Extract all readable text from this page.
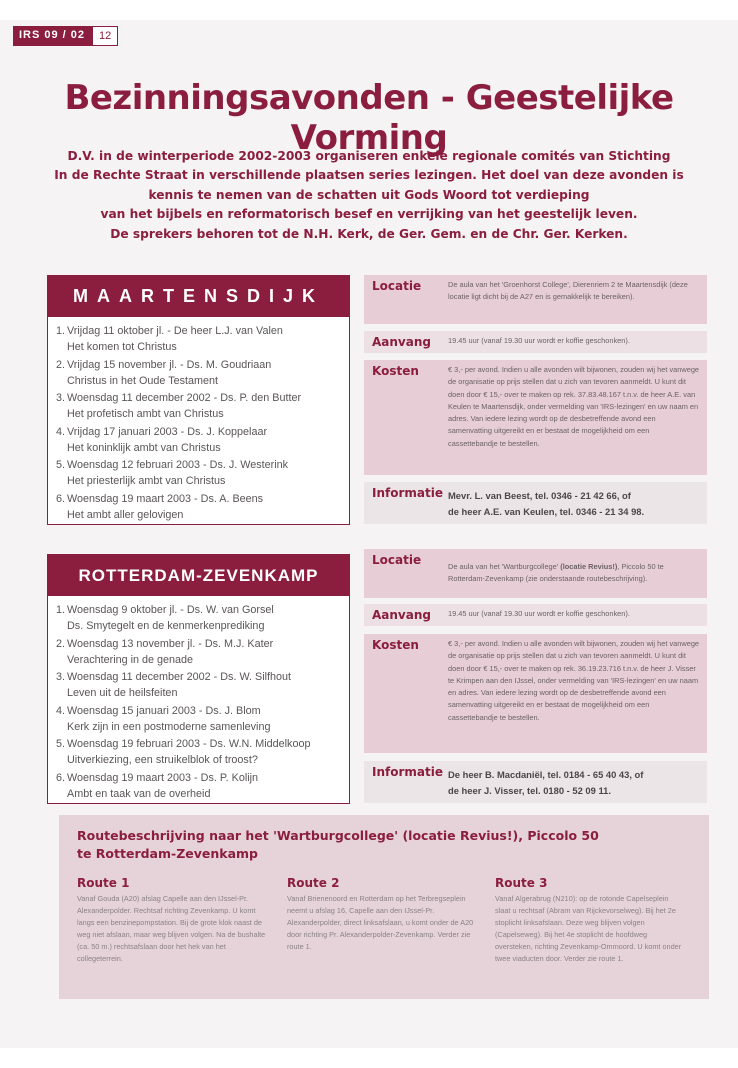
IRS 09 / 02	12
Bezinningsavonden - Geestelijke Vorming
D.V. in de winterperiode 2002-2003 organiseren enkele regionale comités van Stichting
In de Rechte Straat in verschillende plaatsen series lezingen. Het doel van deze avonden is
kennis te nemen van de schatten uit Gods Woord tot verdieping
van het bijbels en reformatorisch besef en verrijking van het geestelijk leven.
De sprekers behoren tot de N.H. Kerk, de Ger. Gem. en de Chr. Ger. Kerken.
MAARTENSDIJK
1. Vrijdag 11 oktober jl. - De heer L.J. van Valen
Het komen tot Christus
2. Vrijdag 15 november jl. - Ds. M. Goudriaan
Christus in het Oude Testament
3. Woensdag 11 december 2002 - Ds. P. den Butter
Het profetisch ambt van Christus
4. Vrijdag 17 januari 2003 - Ds. J. Koppelaar
Het koninklijk ambt van Christus
5. Woensdag 12 februari 2003 - Ds. J. Westerink
Het priesterlijk ambt van Christus
6. Woensdag 19 maart 2003 - Ds. A. Beens
Het ambt aller gelovigen
Locatie	De aula van het 'Groenhorst College', Dierenriem 2 te Maartensdijk (deze locatie ligt dicht bij de A27 en is gemakkelijk te bereiken).
Aanvang	19.45 uur (vanaf 19.30 uur wordt er koffie geschonken).
Kosten	€ 3,- per avond. Indien u alle avonden wilt bijwonen, zouden wij het vanwege de organisatie op prijs stellen dat u zich van tevoren aanmeldt. U kunt dit doen door € 15,- over te maken op rek. 37.83.48.167 t.n.v. de heer A.E. van Keulen te Maartensdijk, onder vermelding van 'IRS-lezingen' en uw naam en adres. Van iedere lezing wordt op de desbetreffende avond een samenvatting uitgereikt en er bestaat de mogelijkheid om een cassettebandje te bestellen.
Informatie Mevr. L. van Beest, tel. 0346 - 21 42 66, of
de heer A.E. van Keulen, tel. 0346 - 21 34 98.
ROTTERDAM-ZEVENKAMP
1. Woensdag 9 oktober jl. - Ds. W. van Gorsel
Ds. Smytegelt en de kenmerkenprediking
2. Woensdag 13 november jl. - Ds. M.J. Kater
Verachtering in de genade
3. Woensdag 11 december 2002 - Ds. W. Silfhout
Leven uit de heilsfeiten
4. Woensdag 15 januari 2003 - Ds. J. Blom
Kerk zijn in een postmoderne samenleving
5. Woensdag 19 februari 2003 - Ds. W.N. Middelkoop
Uitverkiezing, een struikelblok of troost?
6. Woensdag 19 maart 2003 - Ds. P. Kolijn
Ambt en taak van de overheid
Locatie	De aula van het 'Wartburgcollege' (locatie Revius!), Piccolo 50 te Rotterdam-Zevenkamp (zie onderstaande routebeschrijving).
Aanvang	19.45 uur (vanaf 19.30 uur wordt er koffie geschonken).
Kosten	€ 3,- per avond. Indien u alle avonden wilt bijwonen, zouden wij het vanwege de organisatie op prijs stellen dat u zich van tevoren aanmeldt. U kunt dit doen door € 15,- over te maken op rek. 36.19.23.716 t.n.v. de heer J. Visser te Krimpen aan den IJssel, onder vermelding van 'IRS-lezingen' en uw naam en adres. Van iedere lezing wordt op de desbetreffende avond een samenvatting uitgereikt en er bestaat de mogelijkheid om een cassettebandje te bestellen.
Informatie De heer B. Macdaniël, tel. 0184 - 65 40 43, of
de heer J. Visser, tel. 0180 - 52 09 11.
Routebeschrijving naar het 'Wartburgcollege' (locatie Revius!), Piccolo 50
te Rotterdam-Zevenkamp
Route 1

Vanaf Gouda (A20) afslag Capelle aan den IJssel-Pr. Alexanderpolder. Rechtsaf richting Zevenkamp. U komt langs een benzinepompstation. Bij de grote klok naast de weg niet afslaan, maar weg blijven volgen. Na de bushalte (ca. 50 m.) rechtsafslaan door het hek van het collegeterrein.

Route 2

Vanaf Brienenoord en Rotterdam op het Terbregseplein neemt u afslag 16, Capelle aan den IJssel-Pr. Alexanderpolder, direct linksafslaan, u komt onder de A20 door richting Pr. Alexanderpolder-Zevenkamp. Verder zie route 1.

Route 3

Vanaf Algerabrug (N210): op de rotonde Capelseplein slaat u rechtsaf (Abram van Rijckevorselweg). Bij het 2e stoplicht linksafslaan. Deze weg blijven volgen (Capelseweg). Bij het 4e stoplicht de hoofdweg oversteken, richting Zevenkamp-Ommoord. U komt onder twee viaducten door. Verder zie route 1.
